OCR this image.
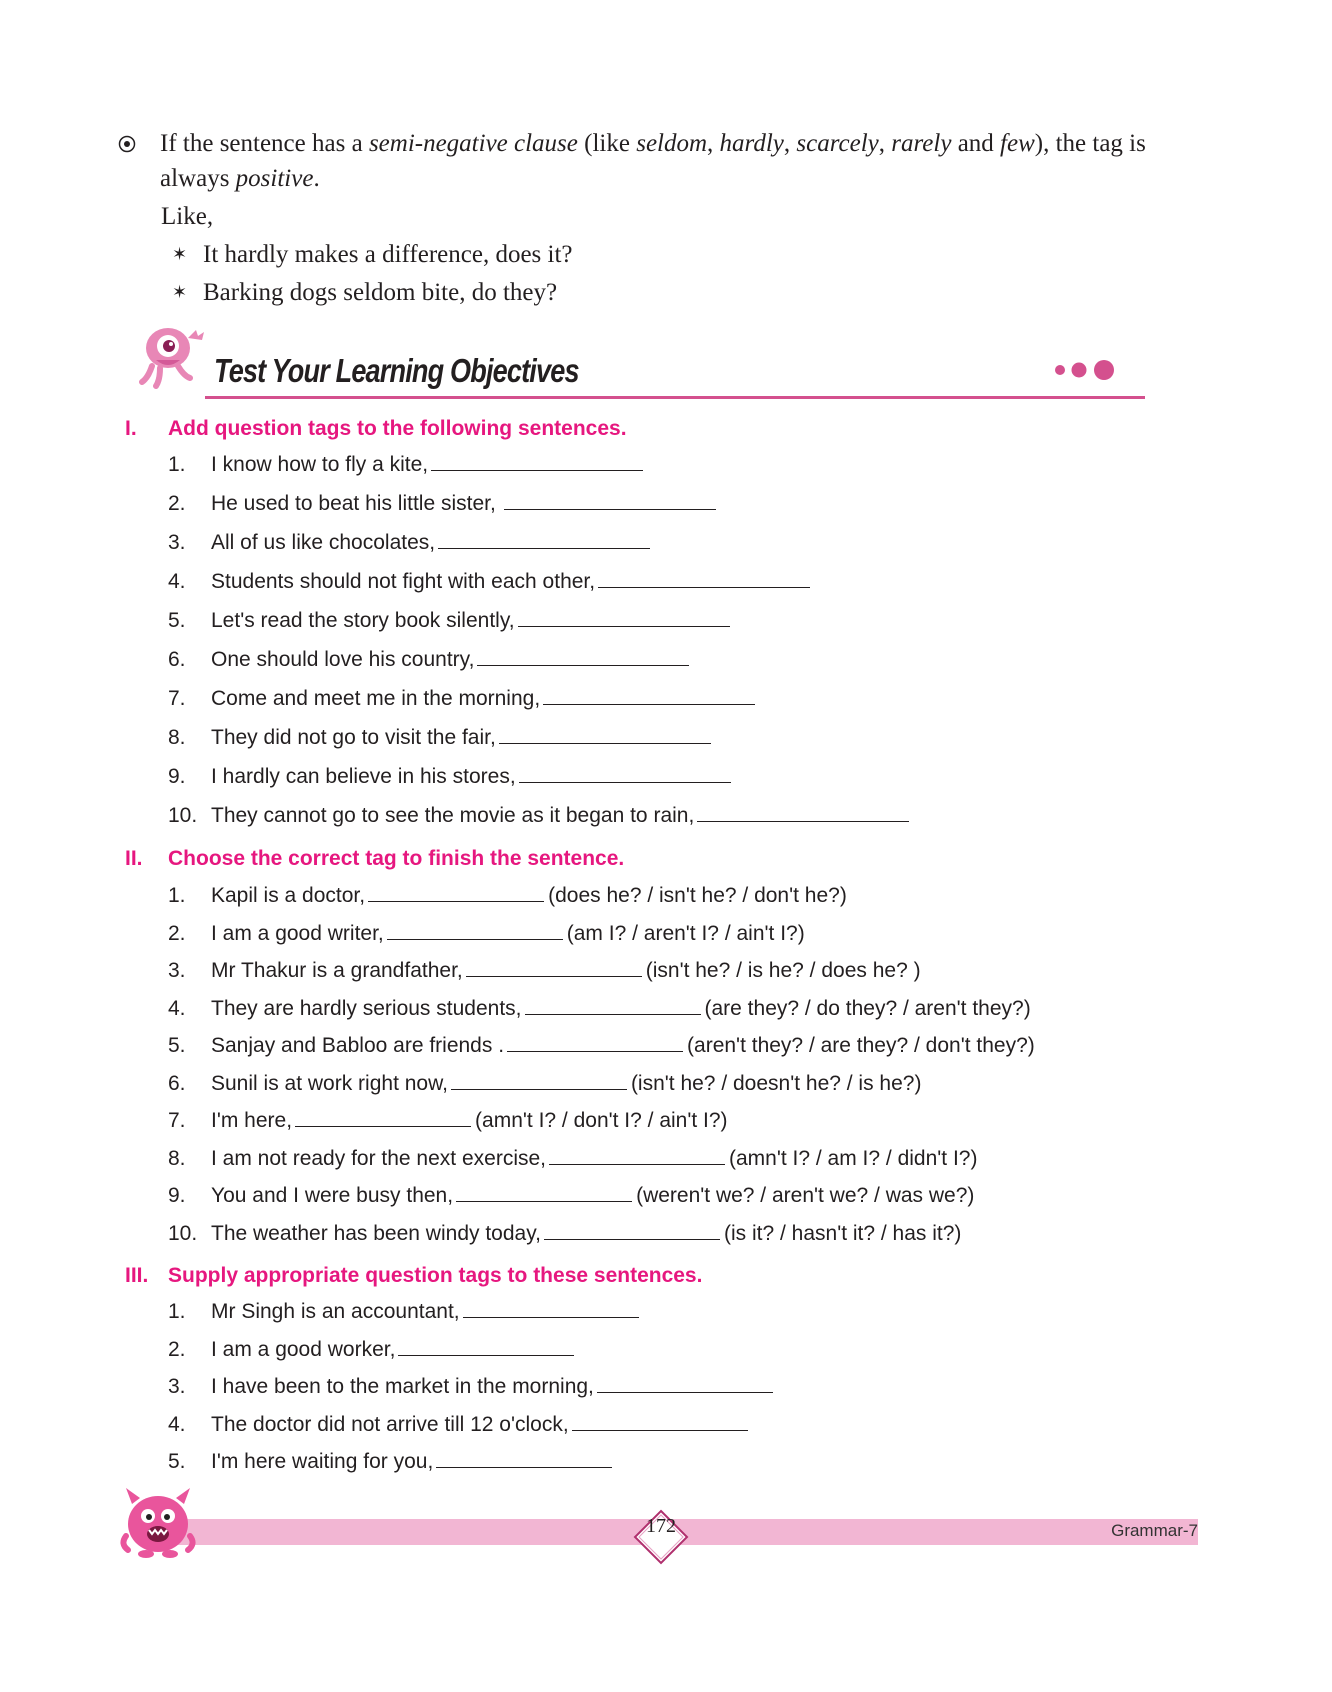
If the sentence has a semi-negative clause (like seldom, hardly, scarcely, rarely and few), the tag is always positive.
Like,
✶ It hardly makes a difference, does it?
✶ Barking dogs seldom bite, do they?
Test Your Learning Objectives
I.	Add question tags to the following sentences.
1.	I know how to fly a kite,
2.	He used to beat his little sister,
3.	All of us like chocolates,
4.	Students should not fight with each other,
5.	Let's read the story book silently,
6.	One should love his country,
7.	Come and meet me in the morning,
8.	They did not go to visit the fair,
9.	I hardly can believe in his stores,
10. They cannot go to see the movie as it began to rain,
II.	Choose the correct tag to finish the sentence.
1.	Kapil is a doctor,	(does he? / isn't he? / don't he?)
2.	I am a good writer,	(am I? / aren't I? / ain't I?)
3.	Mr Thakur is a grandfather,	(isn't he? / is he? / does he? )
4.	They are hardly serious students,	(are they? / do they? / aren't they?)
5.	Sanjay and Babloo are friends .	(aren't they? / are they? / don't they?)
6.	Sunil is at work right now,	(isn't he? / doesn't he? / is he?)
7.	I'm here,	(amn't I? / don't I? / ain't I?)
8.	I am not ready for the next exercise,	(amn't I? / am I? / didn't I?)
9.	You and I were busy then,	(weren't we? / aren't we? / was we?)
10. The weather has been windy today,	(is it? / hasn't it? / has it?)
III. Supply appropriate question tags to these sentences.
1.	Mr Singh is an accountant,
2.	I am a good worker,
3.	I have been to the market in the morning,
4.	The doctor did not arrive till 12 o'clock,
5.	I'm here waiting for you,
172	Grammar-7
